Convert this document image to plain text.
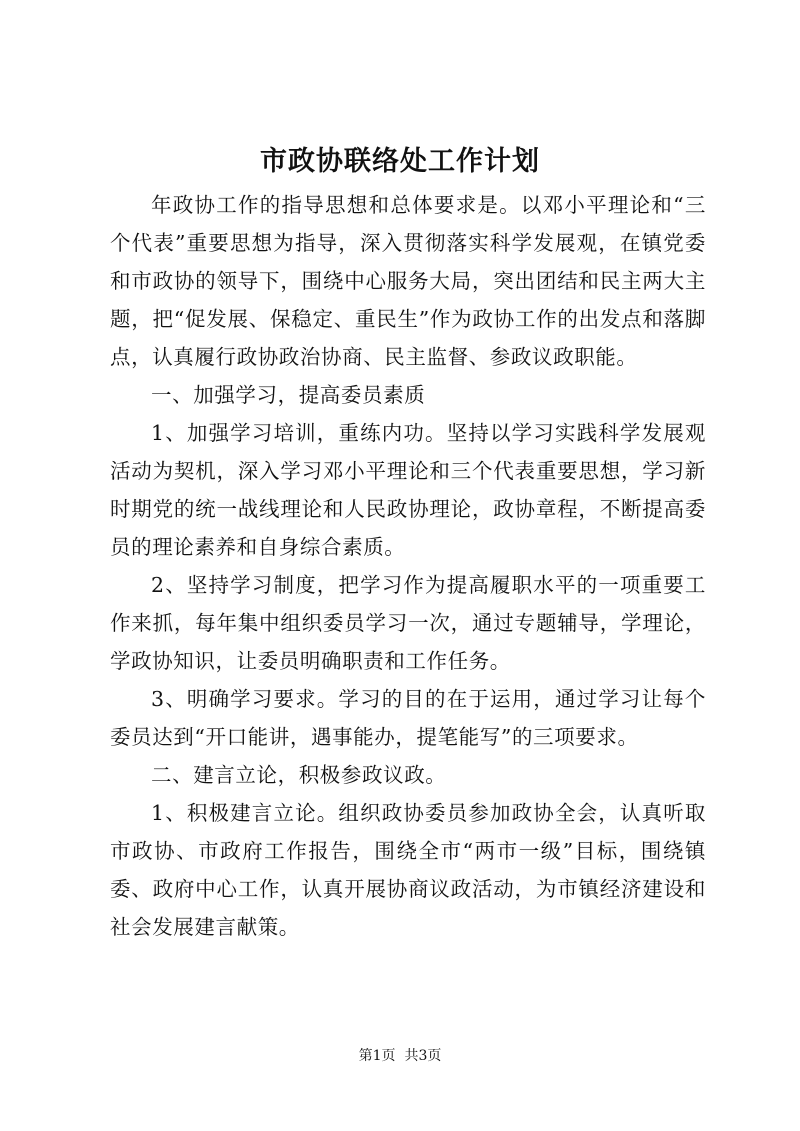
市政协联络处工作计划

年政协工作的指导思想和总体要求是。以邓小平理论和“三个代表”重要思想为指导，深入贯彻落实科学发展观，在镇党委和市政协的领导下，围绕中心服务大局，突出团结和民主两大主题，把“促发展、保稳定、重民生”作为政协工作的出发点和落脚点，认真履行政协政治协商、民主监督、参政议政职能。

一、加强学习，提高委员素质

1、加强学习培训，重练内功。坚持以学习实践科学发展观活动为契机，深入学习邓小平理论和三个代表重要思想，学习新时期党的统一战线理论和人民政协理论，政协章程，不断提高委员的理论素养和自身综合素质。

2、坚持学习制度，把学习作为提高履职水平的一项重要工作来抓，每年集中组织委员学习一次，通过专题辅导，学理论，学政协知识，让委员明确职责和工作任务。

3、明确学习要求。学习的目的在于运用，通过学习让每个委员达到“开口能讲，遇事能办，提笔能写”的三项要求。

二、建言立论，积极参政议政。

1、积极建言立论。组织政协委员参加政协全会，认真听取市政协、市政府工作报告，围绕全市“两市一级”目标，围绕镇委、政府中心工作，认真开展协商议政活动，为市镇经济建设和社会发展建言献策。

第1页  共3页
